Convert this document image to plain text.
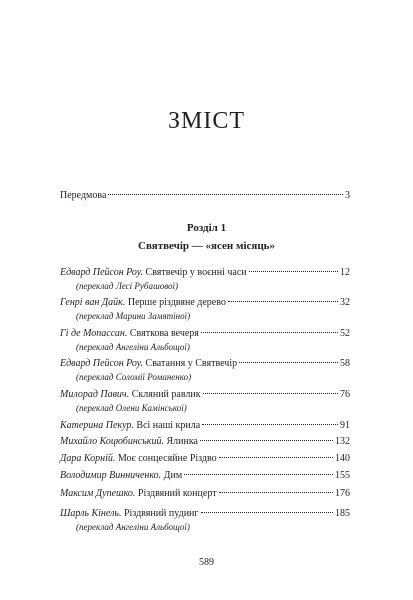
ЗМІСТ
Передмова	3
Розділ 1
Святвечір — «ясен місяць»
Едвард Пейсон Роу. Святвечір у воєнні часи	12
(переклад Лесі Рубашової)
Генрі ван Дайк. Перше різдвяне дерево	32
(переклад Марини Замятіної)
Гі де Мопассан. Святкова вечеря	52
(переклад Ангеліни Альбощої)
Едвард Пейсон Роу. Сватання у Святвечір	58
(переклад Соломії Романенко)
Милорад Павич. Скляний равлик	76
(переклад Олени Камінської)
Катерина Пекур. Всі наші крила	91
Михайло Коцюбинський. Ялинка	132
Дара Корній. Моє сонцесяйне Різдво	140
Володимир Винниченко. Дим	155
Максим Дупешко. Різдвяний концерт	176
Шарль Кінель. Різдвяний пудинг	185
(переклад Ангеліни Альбощої)
589
